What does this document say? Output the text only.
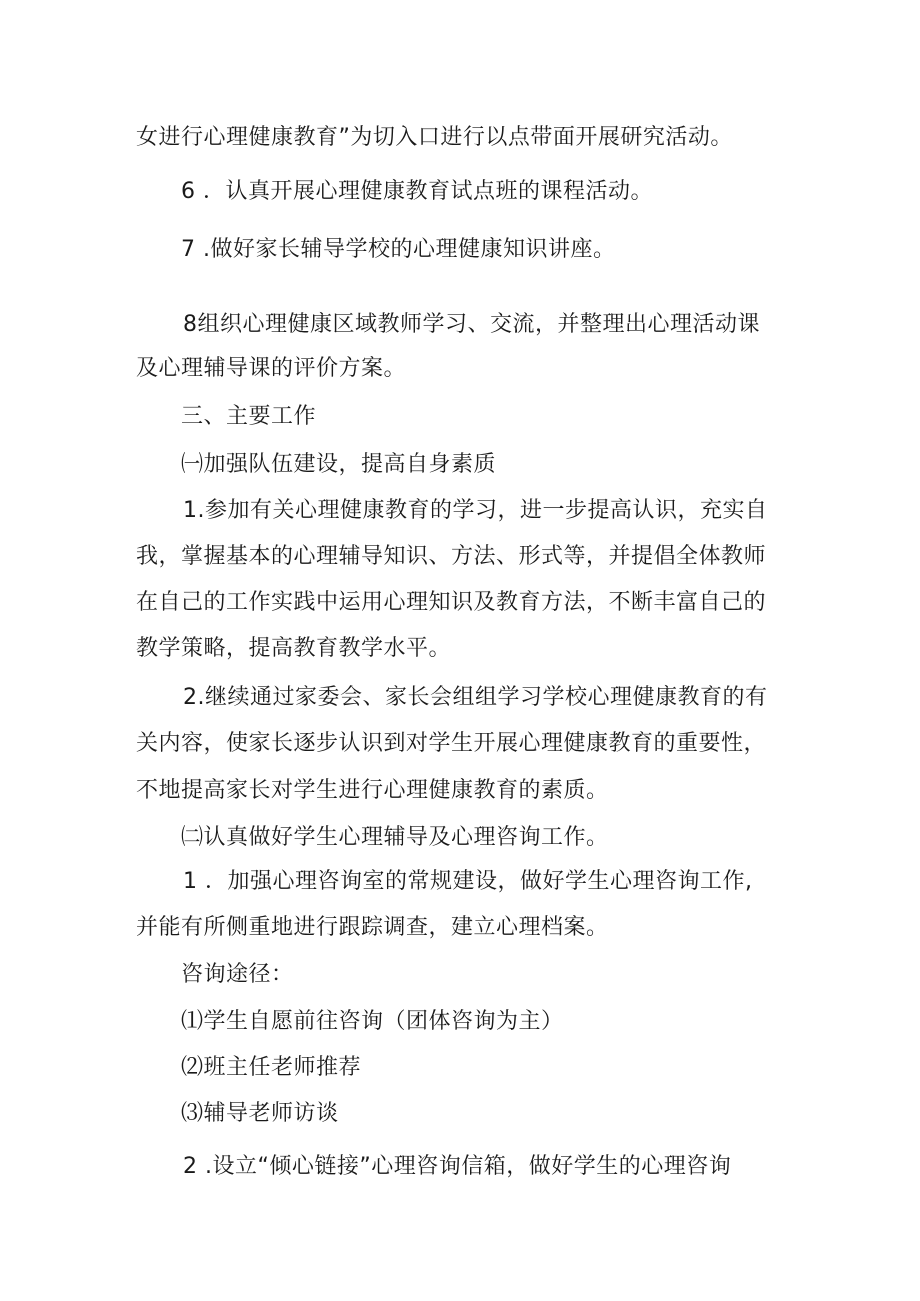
女进行心理健康教育”为切入口进行以点带面开展研究活动。
6 ．认真开展心理健康教育试点班的课程活动。
7 .做好家长辅导学校的心理健康知识讲座。
8组织心理健康区域教师学习、交流，并整理出心理活动课
及心理辅导课的评价方案。
三、主要工作
㈠加强队伍建设，提高自身素质
1.参加有关心理健康教育的学习，进一步提高认识，充实自
我，掌握基本的心理辅导知识、方法、形式等，并提倡全体教师
在自己的工作实践中运用心理知识及教育方法，不断丰富自己的
教学策略，提高教育教学水平。
2.继续通过家委会、家长会组组学习学校心理健康教育的有
关内容，使家长逐步认识到对学生开展心理健康教育的重要性，
不地提高家长对学生进行心理健康教育的素质。
㈡认真做好学生心理辅导及心理咨询工作。
1 ．加强心理咨询室的常规建设，做好学生心理咨询工作,
并能有所侧重地进行跟踪调查，建立心理档案。
咨询途径：
⑴学生自愿前往咨询（团体咨询为主）
⑵班主任老师推荐
⑶辅导老师访谈
2 .设立“倾心链接”心理咨询信箱，做好学生的心理咨询
